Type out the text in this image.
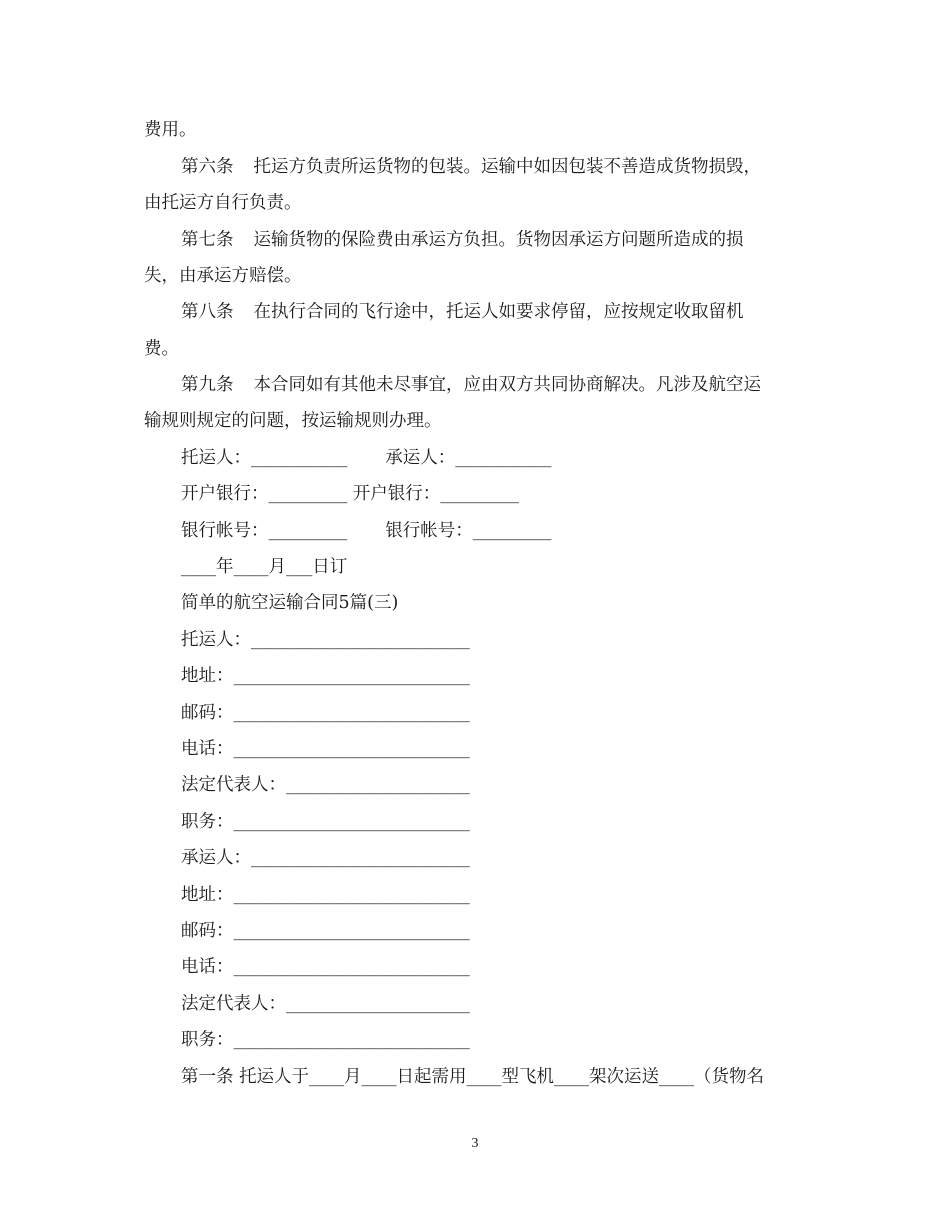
费用。
第六条 托运方负责所运货物的包装。运输中如因包装不善造成货物损毁，
由托运方自行负责。
第七条 运输货物的保险费由承运方负担。货物因承运方问题所造成的损
失，由承运方赔偿。
第八条 在执行合同的飞行途中，托运人如要求停留，应按规定收取留机
费。
第九条 本合同如有其他未尽事宜，应由双方共同协商解决。凡涉及航空运
输规则规定的问题，按运输规则办理。
托运人：___________ 承运人：___________
开户银行：_________ 开户银行：_________
银行帐号：_________ 银行帐号：_________
____年____月___日订
简单的航空运输合同5篇(三)
托运人：_________________________
地址：___________________________
邮码：___________________________
电话：___________________________
法定代表人：_____________________
职务：___________________________
承运人：_________________________
地址：___________________________
邮码：___________________________
电话：___________________________
法定代表人：_____________________
职务：___________________________
第一条 托运人于____月____日起需用____型飞机____架次运送____（货物名
3
